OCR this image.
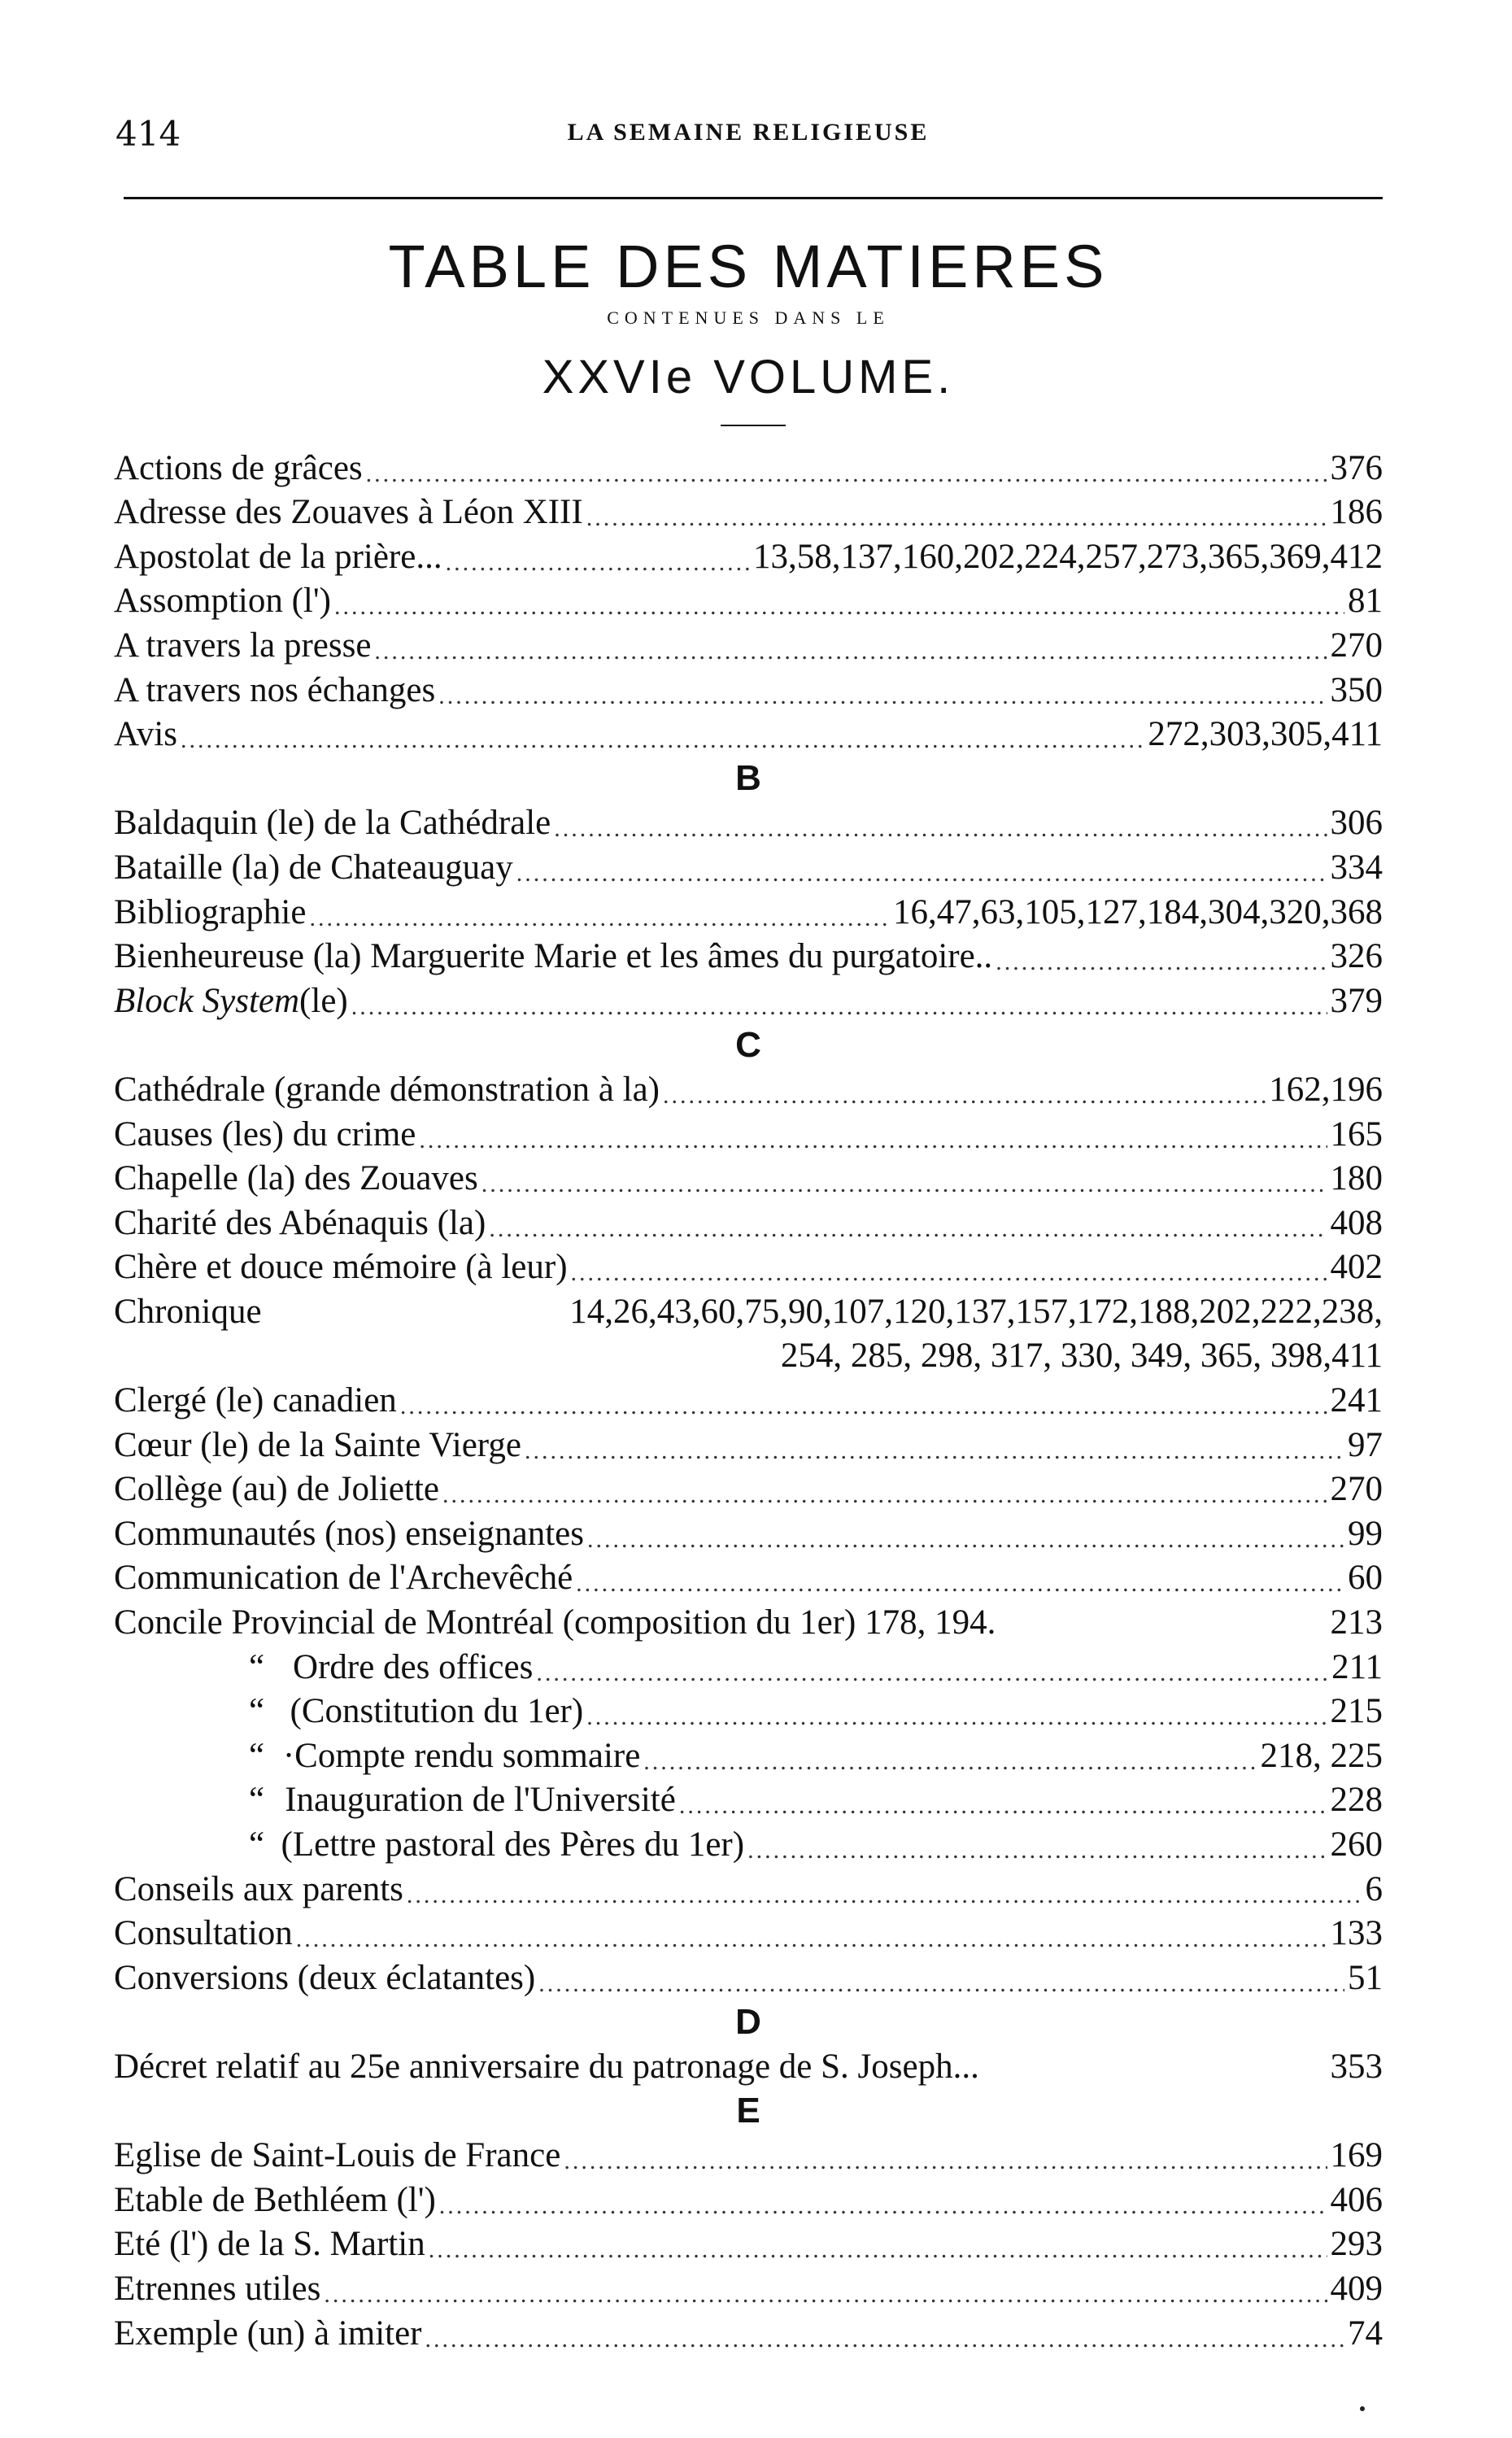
414	LA SEMAINE RELIGIEUSE
TABLE DES MATIERES
CONTENUES DANS LE
XXVIe VOLUME.
Actions de grâces .....	376
Adresse des Zouaves à Léon XIII .....	186
Apostolat de la prière... .....	13,58,137,160,202,224,257,273,365,369,412
Assomption (l') .....	81
A travers la presse .....	270
A travers nos échanges .....	350
Avis .....	272,303,305,411
B
Baldaquin (le) de la Cathédrale .....	306
Bataille (la) de Chateauguay .....	334
Bibliographie .....	16,47,63,105,127,184,304,320,368
Bienheureuse (la) Marguerite Marie et les âmes du purgatoire.. .....	326
Block System (le) .....	379
C
Cathédrale (grande démonstration à la) .....	162,196
Causes (les) du crime .....	165
Chapelle (la) des Zouaves .....	180
Charité des Abénaquis (la) .....	408
Chère et douce mémoire (à leur) .....	402
Chronique	14,26,43,60,75,90,107,120,137,157,172,188,202,222,238,
254, 285, 298, 317, 330, 349, 365, 398,411
Clergé (le) canadien .....	241
Cœur (le) de la Sainte Vierge .....	97
Collège (au) de Joliette .....	270
Communautés (nos) enseignantes .....	99
Communication de l'Archevêché .....	60
Concile Provincial de Montréal (composition du 1er) 178, 194.	213
“ Ordre des offices .....	211
“ (Constitution du 1er) .....	215
“ ·Compte rendu sommaire .....	218, 225
“ Inauguration de l'Université .....	228
“ (Lettre pastoral des Pères du 1er) .....	260
Conseils aux parents .....	6
Consultation .....	133
Conversions (deux éclatantes) .....	51
D
Décret relatif au 25e anniversaire du patronage de S. Joseph...	353
E
Eglise de Saint-Louis de France .....	169
Etable de Bethléem (l') .....	406
Eté (l') de la S. Martin .....	293
Etrennes utiles .....	409
Exemple (un) à imiter .....	74
